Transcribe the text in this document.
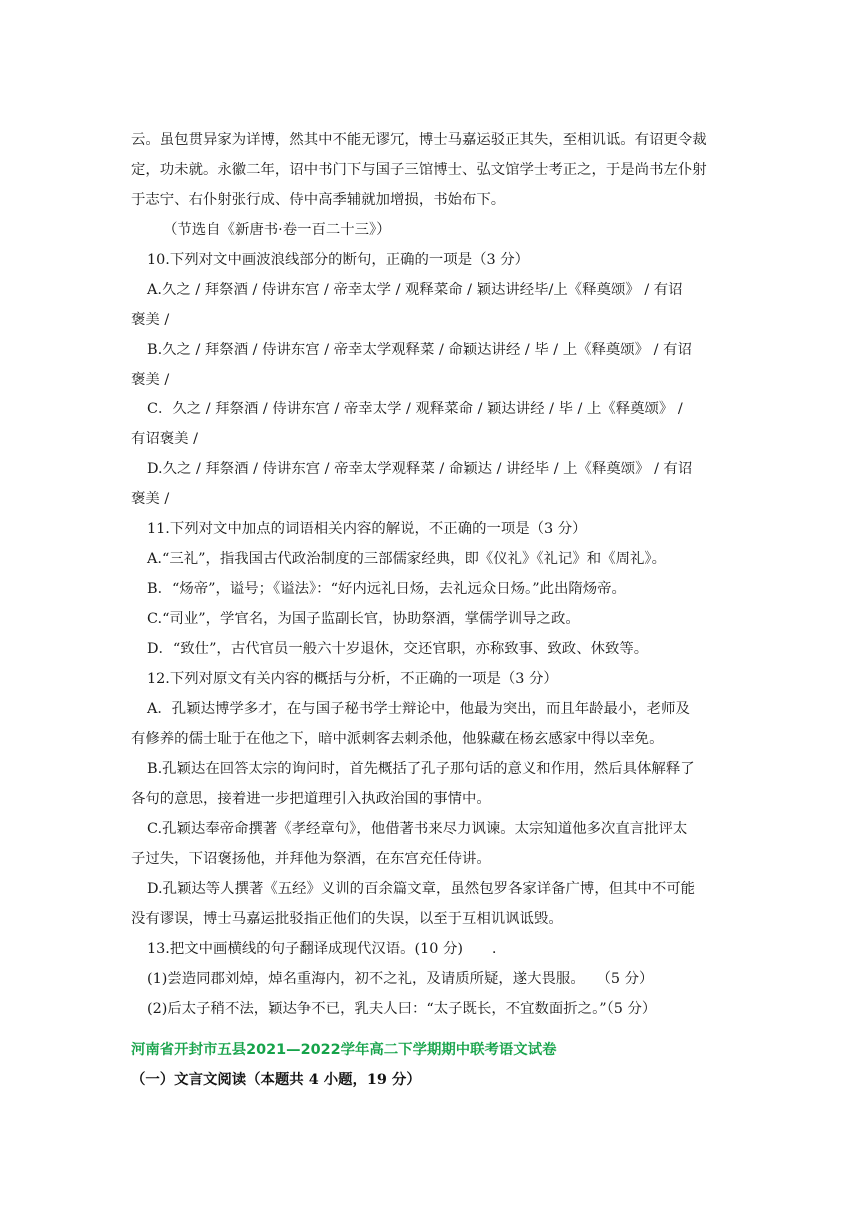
云。虽包贯异家为详博，然其中不能无谬冗，博士马嘉运驳正其失，至相讥诋。有诏更令裁

定，功未就。永徽二年，诏中书门下与国子三馆博士、弘文馆学士考正之，于是尚书左仆射

于志宁、右仆射张行成、侍中高季辅就加增损，书始布下。

（节选自《新唐书·卷一百二十三》）

10.下列对文中画波浪线部分的断句，正确的一项是（3 分）

A.久之 / 拜祭酒 / 侍讲东宫 / 帝幸太学 / 观释菜命 / 颖达讲经毕/上《释奠颂》 / 有诏

褒美 /

B.久之 / 拜祭酒 / 侍讲东宫 / 帝幸太学观释菜 / 命颖达讲经 / 毕 / 上《释奠颂》 / 有诏

褒美 /

C．久之 / 拜祭酒 / 侍讲东宫 / 帝幸太学 / 观释菜命 / 颖达讲经 / 毕 / 上《释奠颂》 /

有诏褒美 /

D.久之 / 拜祭酒 / 侍讲东宫 / 帝幸太学观释菜 / 命颖达 / 讲经毕 / 上《释奠颂》 / 有诏

褒美 /

11.下列对文中加点的词语相关内容的解说，不正确的一项是（3 分）

A.“三礼”，指我国古代政治制度的三部儒家经典，即《仪礼》《礼记》和《周礼》。

B．“炀帝”，谥号；《谥法》：“好内远礼日炀，去礼远众日炀。”此出隋炀帝。

C.“司业”，学官名，为国子监副长官，协助祭酒，掌儒学训导之政。

D．“致仕”，古代官员一般六十岁退休，交还官职，亦称致事、致政、休致等。

12.下列对原文有关内容的概括与分析，不正确的一项是（3 分）

A．孔颖达博学多才，在与国子秘书学士辩论中，他最为突出，而且年龄最小，老师及

有修养的儒士耻于在他之下，暗中派刺客去刺杀他，他躲藏在杨玄感家中得以幸免。

B.孔颖达在回答太宗的询问时，首先概括了孔子那句话的意义和作用，然后具体解释了

各句的意思，接着进一步把道理引入执政治国的事情中。

C.孔颖达奉帝命撰著《孝经章句》，他借著书来尽力讽谏。太宗知道他多次直言批评太

子过失，下诏褒扬他，并拜他为祭酒，在东宫充任侍讲。

D.孔颖达等人撰著《五经》义训的百余篇文章，虽然包罗各家详备广博，但其中不可能

没有谬误，博士马嘉运批驳指正他们的失误，以至于互相讥讽诋毁。

13.把文中画横线的句子翻译成现代汉语。(10 分)　　.

(1)尝造同郡刘焯，焯名重海内，初不之礼，及请质所疑，遂大畏服。　 （5 分）

(2)后太子稍不法，颖达争不已，乳夫人曰：“太子既长，不宜数面折之。”（5 分）

河南省开封市五县2021—2022学年高二下学期期中联考语文试卷
（一）文言文阅读（本题共 4 小题，19 分）
